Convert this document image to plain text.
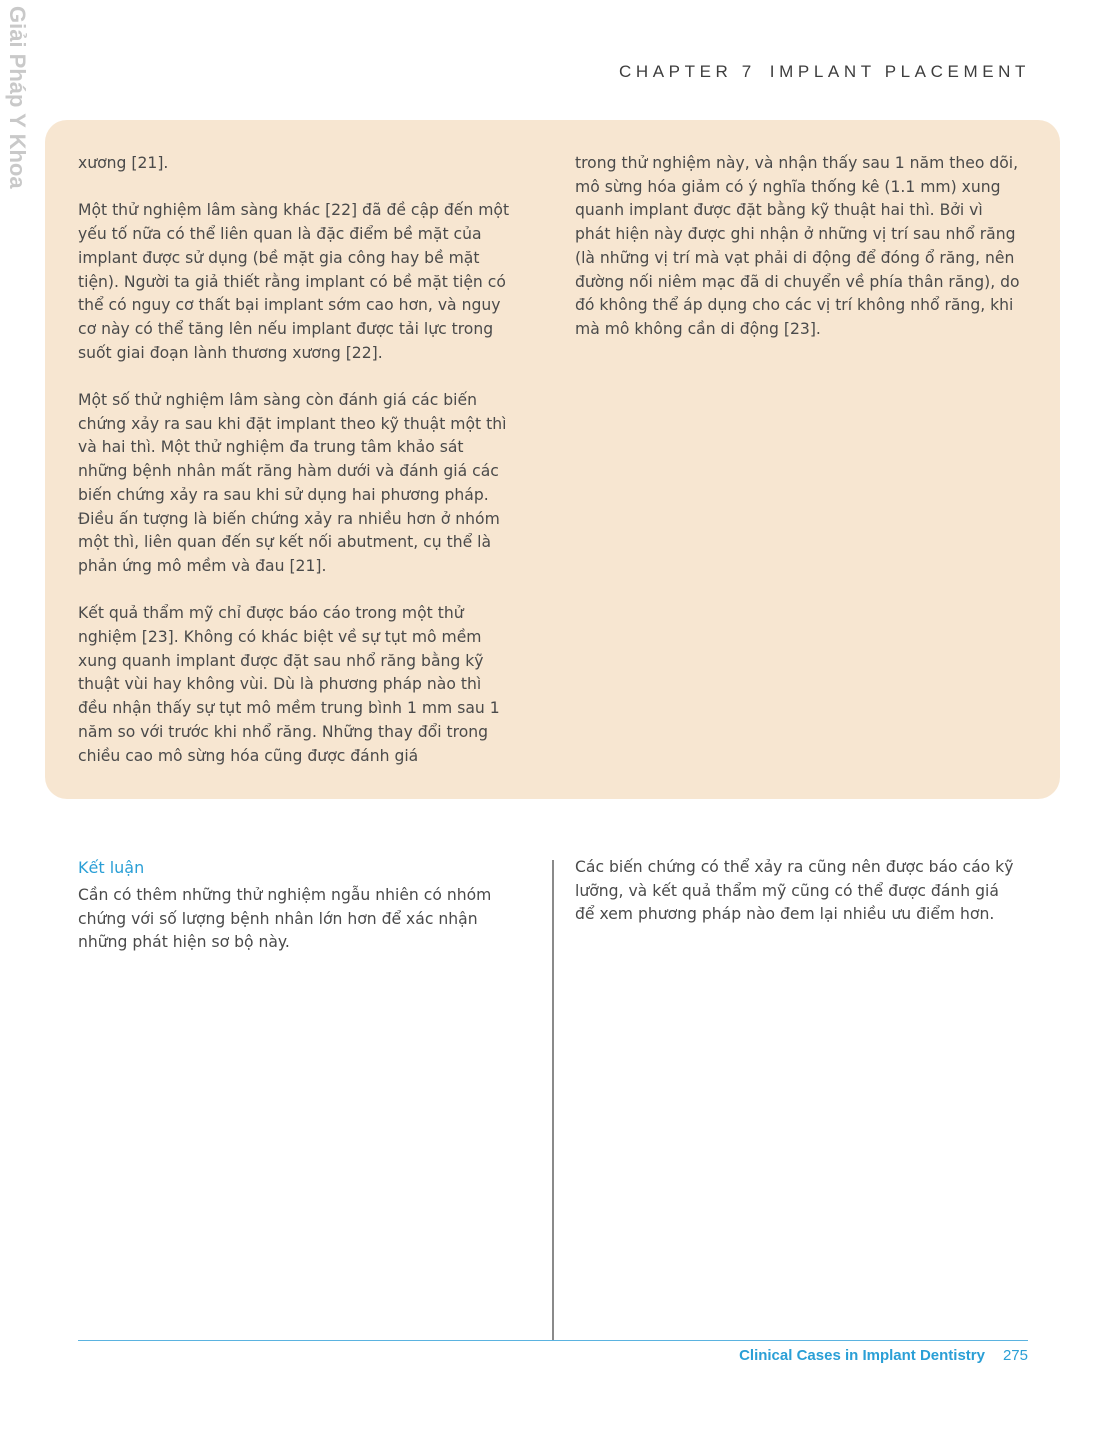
Giải Pháp Y Khoa	CHAPTER 7 IMPLANT PLACEMENT

xương [21].

Một thử nghiệm lâm sàng khác [22] đã đề cập đến một yếu tố nữa có thể liên quan là đặc điểm bề mặt của implant được sử dụng (bề mặt gia công hay bề mặt tiện). Người ta giả thiết rằng implant có bề mặt tiện có thể có nguy cơ thất bại implant sớm cao hơn, và nguy cơ này có thể tăng lên nếu implant được tải lực trong suốt giai đoạn lành thương xương [22].

Một số thử nghiệm lâm sàng còn đánh giá các biến chứng xảy ra sau khi đặt implant theo kỹ thuật một thì và hai thì. Một thử nghiệm đa trung tâm khảo sát những bệnh nhân mất răng hàm dưới và đánh giá các biến chứng xảy ra sau khi sử dụng hai phương pháp. Điều ấn tượng là biến chứng xảy ra nhiều hơn ở nhóm một thì, liên quan đến sự kết nối abutment, cụ thể là phản ứng mô mềm và đau [21].

Kết quả thẩm mỹ chỉ được báo cáo trong một thử nghiệm [23]. Không có khác biệt về sự tụt mô mềm xung quanh implant được đặt sau nhổ răng bằng kỹ thuật vùi hay không vùi. Dù là phương pháp nào thì đều nhận thấy sự tụt mô mềm trung bình 1 mm sau 1 năm so với trước khi nhổ răng. Những thay đổi trong chiều cao mô sừng hóa cũng được đánh giá

trong thử nghiệm này, và nhận thấy sau 1 năm theo dõi, mô sừng hóa giảm có ý nghĩa thống kê (1.1 mm) xung quanh implant được đặt bằng kỹ thuật hai thì. Bởi vì phát hiện này được ghi nhận ở những vị trí sau nhổ răng (là những vị trí mà vạt phải di động để đóng ổ răng, nên đường nối niêm mạc đã di chuyển về phía thân răng), do đó không thể áp dụng cho các vị trí không nhổ răng, khi mà mô không cần di động [23].

Kết luận

Cần có thêm những thử nghiệm ngẫu nhiên có nhóm chứng với số lượng bệnh nhân lớn hơn để xác nhận những phát hiện sơ bộ này.

Các biến chứng có thể xảy ra cũng nên được báo cáo kỹ lưỡng, và kết quả thẩm mỹ cũng có thể được đánh giá để xem phương pháp nào đem lại nhiều ưu điểm hơn.

Clinical Cases in Implant Dentistry 275
